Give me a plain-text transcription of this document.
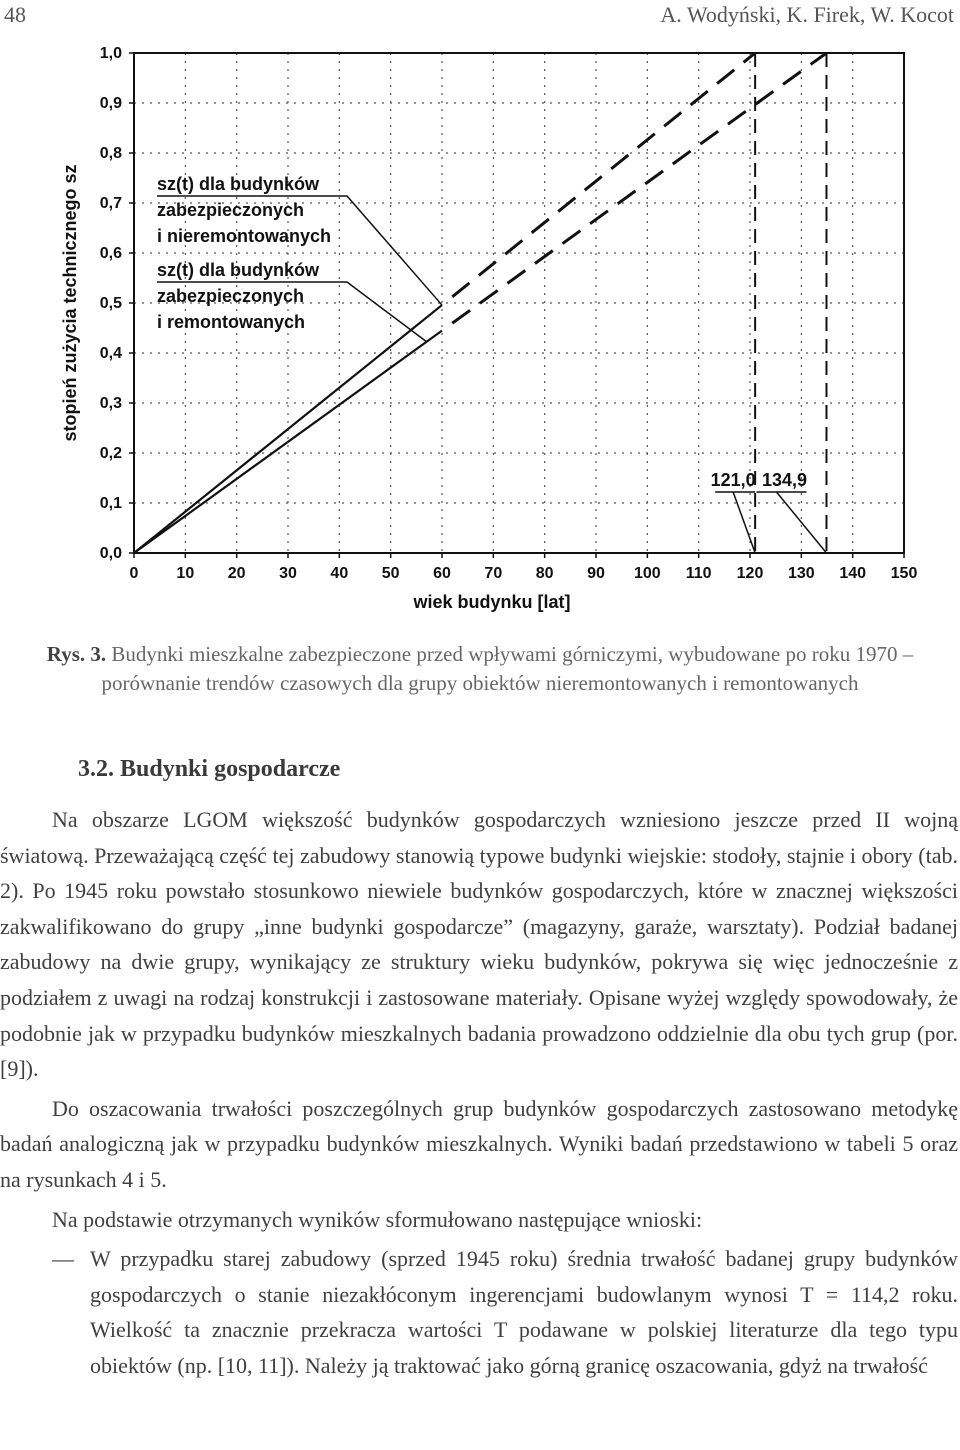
48	A. Wodyński, K. Firek, W. Kocot
0 10 20 30 40 50 60 70 80 90 100 110 120 130 140 150
0,0
0,1
0,2
0,3
0,4
0,5
0,6
0,7
0,8
0,9
1,0
sz(t) dla budynków
zabezpieczonych
i nieremontowanych
sz(t) dla budynków
zabezpieczonych
i remontowanych
121,0 134,9
wiek budynku [lat]
stopień zużycia technicznego sz
Rys. 3. Budynki mieszkalne zabezpieczone przed wpływami górniczymi, wybudowane po roku 1970 – porównanie trendów czasowych dla grupy obiektów nieremontowanych i remontowanych
3.2. Budynki gospodarcze

Na obszarze LGOM większość budynków gospodarczych wzniesiono jeszcze przed II wojną światową. Przeważającą część tej zabudowy stanowią typowe budynki wiejskie: stodoły, stajnie i obory (tab. 2). Po 1945 roku powstało stosunkowo niewiele budynków gospodarczych, które w znacznej większości zakwalifikowano do grupy „inne budynki gospodarcze” (magazyny, garaże, warsztaty). Podział badanej zabudowy na dwie grupy, wynikający ze struktury wieku budynków, pokrywa się więc jednocześnie z podziałem z uwagi na rodzaj konstrukcji i zastosowane materiały. Opisane wyżej względy spowodowały, że podobnie jak w przypadku budynków mieszkalnych badania prowadzono oddzielnie dla obu tych grup (por. [9]).

Do oszacowania trwałości poszczególnych grup budynków gospodarczych zastosowano metodykę badań analogiczną jak w przypadku budynków mieszkalnych. Wyniki badań przedstawiono w tabeli 5 oraz na rysunkach 4 i 5.

Na podstawie otrzymanych wyników sformułowano następujące wnioski:

— W przypadku starej zabudowy (sprzed 1945 roku) średnia trwałość badanej grupy budynków gospodarczych o stanie niezakłóconym ingerencjami budowlanym wynosi T = 114,2 roku. Wielkość ta znacznie przekracza wartości T podawane w polskiej literaturze dla tego typu obiektów (np. [10, 11]). Należy ją traktować jako górną granicę oszacowania, gdyż na trwałość
